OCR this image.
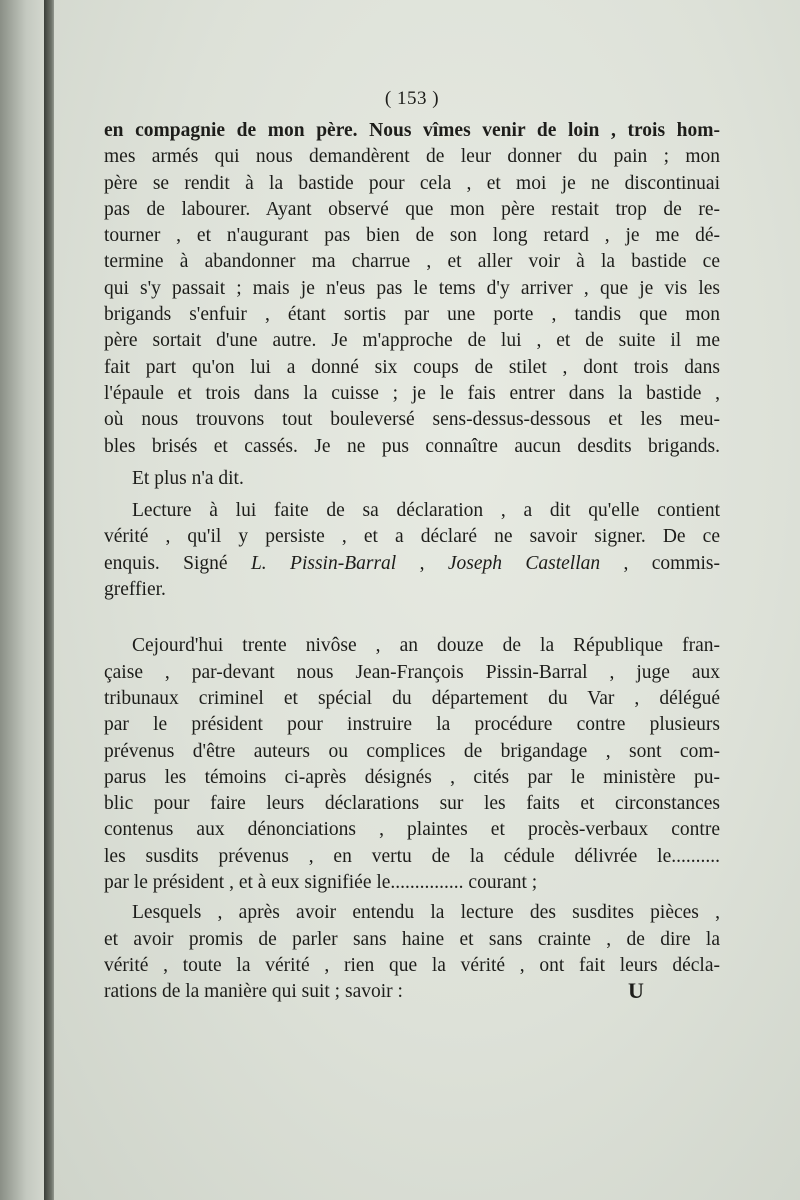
( 153 )
en compagnie de mon père. Nous vîmes venir de loin , trois hom-
mes armés qui nous demandèrent de leur donner du pain ; mon
père se rendit à la bastide pour cela , et moi je ne discontinuai
pas de labourer. Ayant observé que mon père restait trop de re-
tourner , et n'augurant pas bien de son long retard , je me dé-
termine à abandonner ma charrue , et aller voir à la bastide ce
qui s'y passait ; mais je n'eus pas le tems d'y arriver , que je vis les
brigands s'enfuir , étant sortis par une porte , tandis que mon
père sortait d'une autre. Je m'approche de lui , et de suite il me
fait part qu'on lui a donné six coups de stilet , dont trois dans
l'épaule et trois dans la cuisse ; je le fais entrer dans la bastide ,
où nous trouvons tout bouleversé sens-dessus-dessous et les meu-
bles brisés et cassés. Je ne pus connaître aucun desdits brigands.
Et plus n'a dit.
Lecture à lui faite de sa déclaration , a dit qu'elle contient
vérité , qu'il y persiste , et a déclaré ne savoir signer. De ce
enquis. Signé L. Pissin-Barral , Joseph Castellan , commis-
greffier.
Cejourd'hui trente nivôse , an douze de la République fran-
çaise , par-devant nous Jean-François Pissin-Barral , juge aux
tribunaux criminel et spécial du département du Var , délégué
par le président pour instruire la procédure contre plusieurs
prévenus d'être auteurs ou complices de brigandage , sont com-
parus les témoins ci-après désignés , cités par le ministère pu-
blic pour faire leurs déclarations sur les faits et circonstances
contenus aux dénonciations , plaintes et procès-verbaux contre
les susdits prévenus , en vertu de la cédule délivrée le..........
par le président , et à eux signifiée le............... courant ;
Lesquels , après avoir entendu la lecture des susdites pièces ,
et avoir promis de parler sans haine et sans crainte , de dire la
vérité , toute la vérité , rien que la vérité , ont fait leurs décla-
rations de la manière qui suit ; savoir :	U
